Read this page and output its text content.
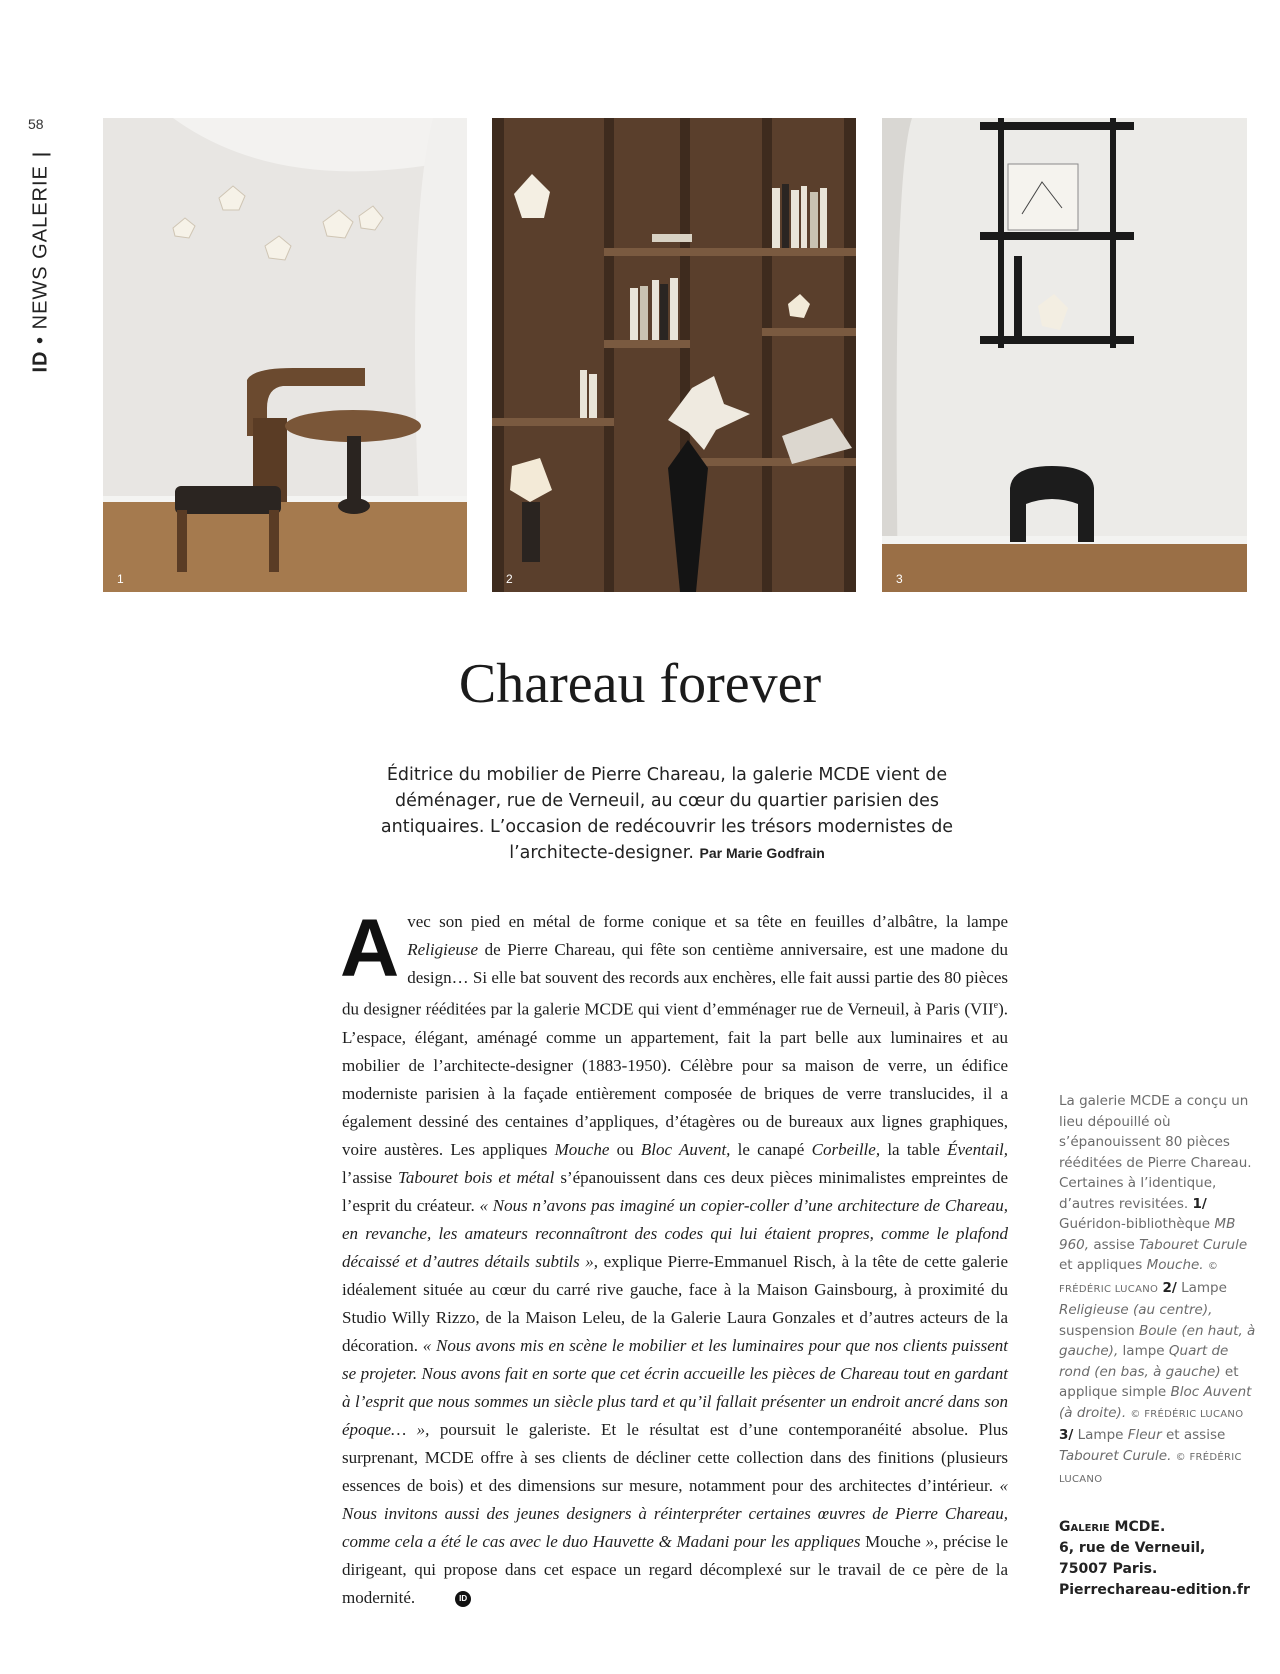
58
ID • NEWS GALERIE
1	2	3
Chareau forever
Éditrice du mobilier de Pierre Chareau, la galerie MCDE vient de déménager, rue de Verneuil, au cœur du quartier parisien des antiquaires. L’occasion de redécouvrir les trésors modernistes de l’architecte-designer. Par Marie Godfrain
A vec son pied en métal de forme conique et sa tête en feuilles d’albâtre, la lampe Religieuse de Pierre Chareau, qui fête son centième anniversaire, est une madone du design… Si elle bat souvent des records aux enchères, elle fait aussi partie des 80 pièces du designer rééditées par la galerie MCDE qui vient d’emménager rue de Verneuil, à Paris (VIIe). L’espace, élégant, aménagé comme un appartement, fait la part belle aux luminaires et au mobilier de l’architecte-designer (1883-1950). Célèbre pour sa maison de verre, un édifice moderniste parisien à la façade entièrement composée de briques de verre translucides, il a également dessiné des centaines d’appliques, d’étagères ou de bureaux aux lignes graphiques, voire austères. Les appliques Mouche ou Bloc Auvent, le canapé Corbeille, la table Éventail, l’assise Tabouret bois et métal s’épanouissent dans ces deux pièces minimalistes empreintes de l’esprit du créateur. « Nous n’avons pas imaginé un copier-coller d’une architecture de Chareau, en revanche, les amateurs reconnaîtront des codes qui lui étaient propres, comme le plafond décaissé et d’autres détails subtils », explique Pierre-Emmanuel Risch, à la tête de cette galerie idéalement située au cœur du carré rive gauche, face à la Maison Gainsbourg, à proximité du Studio Willy Rizzo, de la Maison Leleu, de la Galerie Laura Gonzales et d’autres acteurs de la décoration. « Nous avons mis en scène le mobilier et les luminaires pour que nos clients puissent se projeter. Nous avons fait en sorte que cet écrin accueille les pièces de Chareau tout en gardant à l’esprit que nous sommes un siècle plus tard et qu’il fallait présenter un endroit ancré dans son époque… », poursuit le galeriste. Et le résultat est d’une contemporanéité absolue. Plus surprenant, MCDE offre à ses clients de décliner cette collection dans des finitions (plusieurs essences de bois) et des dimensions sur mesure, notamment pour des architectes d’intérieur. « Nous invitons aussi des jeunes designers à réinterpréter certaines œuvres de Pierre Chareau, comme cela a été le cas avec le duo Hauvette & Madani pour les appliques Mouche », précise le dirigeant, qui propose dans cet espace un regard décomplexé sur le travail de ce père de la modernité.	ID

La galerie MCDE a conçu un lieu dépouillé où s’épanouissent 80 pièces rééditées de Pierre Chareau. Certaines à l’identique, d’autres revisitées. 1/ Guéridon-bibliothèque MB 960, assise Tabouret Curule et appliques Mouche. © FRÉDÉRIC LUCANO 2/ Lampe Religieuse (au centre), suspension Boule (en haut, à gauche), lampe Quart de rond (en bas, à gauche) et applique simple Bloc Auvent (à droite). © FRÉDÉRIC LUCANO 3/ Lampe Fleur et assise Tabouret Curule. © FRÉDÉRIC LUCANO
Galerie MCDE.
6, rue de Verneuil,
75007 Paris.
Pierrechareau-edition.fr
